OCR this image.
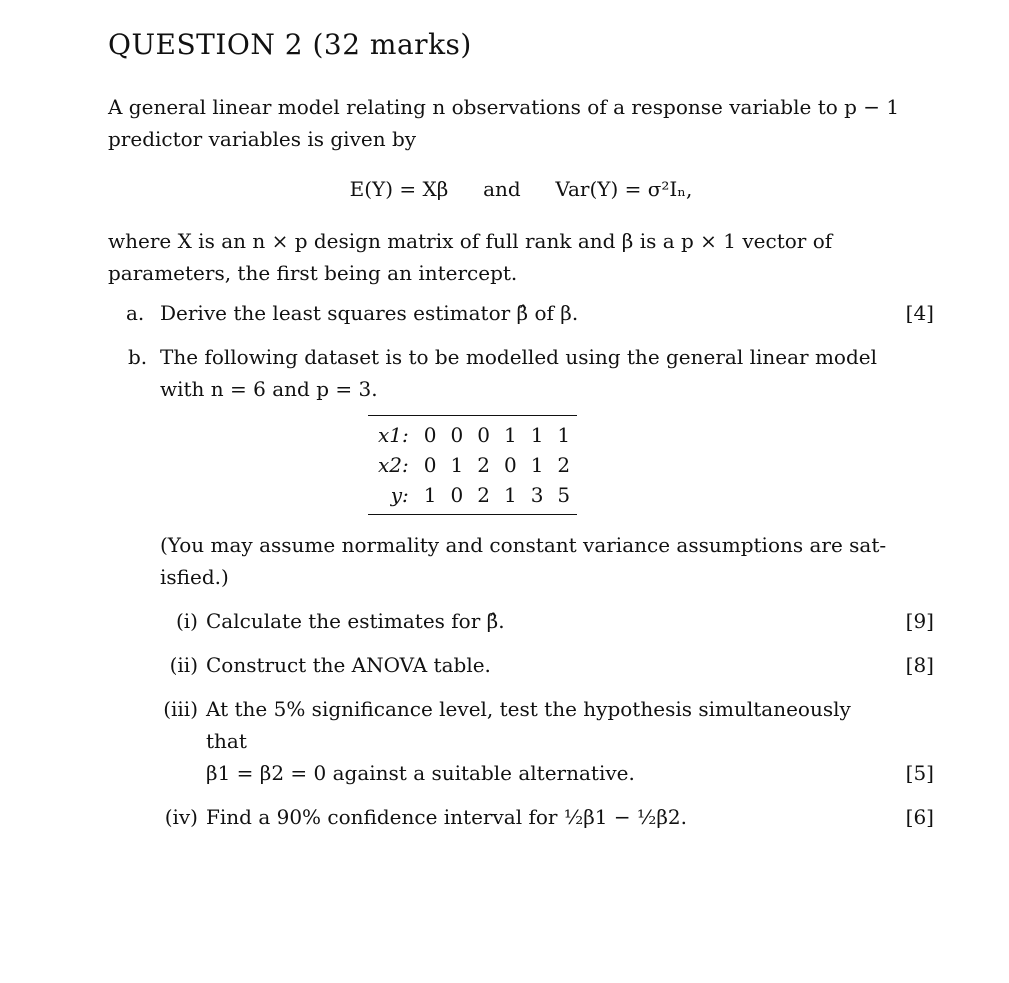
QUESTION 2 (32 marks)

A general linear model relating n observations of a response variable to p − 1
predictor variables is given by

E(Y) = Xβ and Var(Y) = σ²Iₙ,

where X is an n × p design matrix of full rank and β is a p × 1 vector of
parameters, the first being an intercept.

a. Derive the least squares estimator β̂ of β.	[4]
b. The following dataset is to be modelled using the general linear model
with n = 6 and p = 3.
x1:	0	0	0	1	1	1
x2:	0	1	2	0	1	2
y:	1	0	2	1	3	5
(You may assume normality and constant variance assumptions are sat-
isfied.)
(i) Calculate the estimates for β̂.	[9]
(ii) Construct the ANOVA table.	[8]
(iii) At the 5% significance level, test the hypothesis simultaneously that
β1 = β2 = 0 against a suitable alternative.	[5]
(iv) Find a 90% confidence interval for ½β1 − ½β2.	[6]
